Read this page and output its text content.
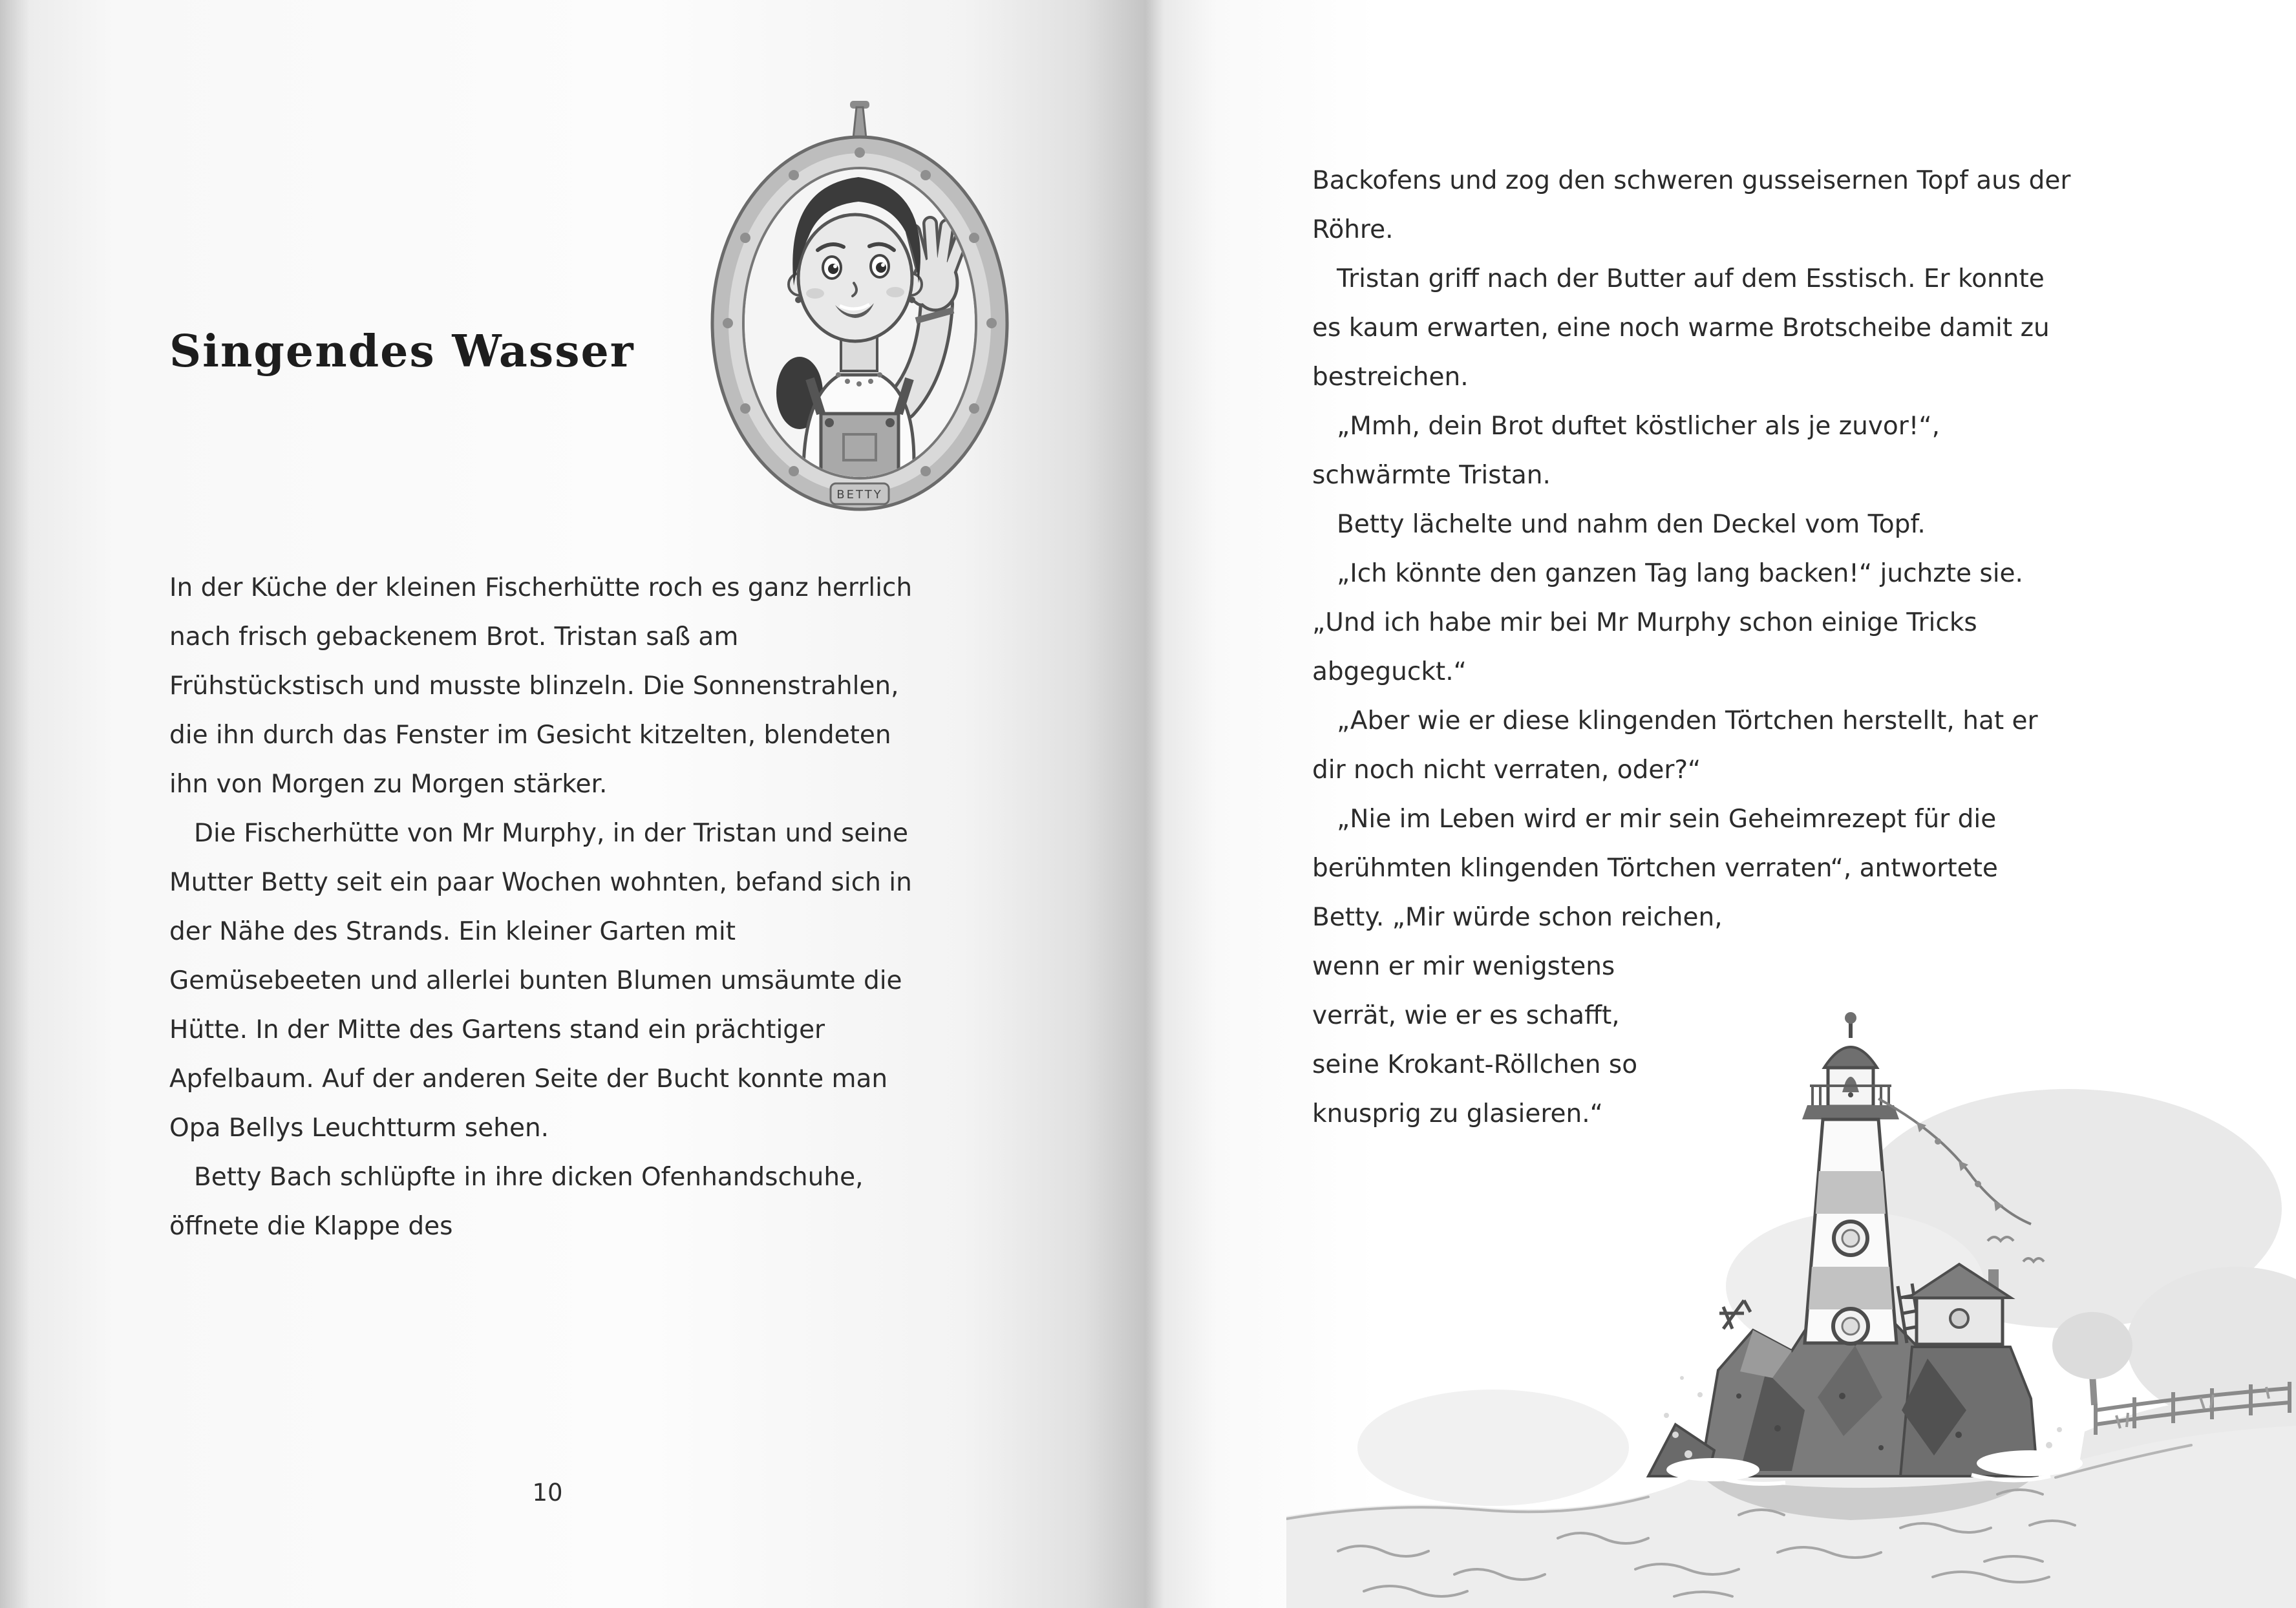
Singendes Wasser
BETTY

In der Küche der kleinen Fischerhütte roch es ganz herrlich nach frisch gebackenem Brot. Tristan saß am Frühstückstisch und musste blinzeln. Die Sonnenstrahlen, die ihn durch das Fenster im Gesicht kitzelten, blendeten ihn von Morgen zu Morgen stärker.

Die Fischerhütte von Mr Murphy, in der Tristan und seine Mutter Betty seit ein paar Wochen wohnten, befand sich in der Nähe des Strands. Ein kleiner Garten mit Gemüsebeeten und allerlei bunten Blumen umsäumte die Hütte. In der Mitte des Gartens stand ein prächtiger Apfelbaum. Auf der anderen Seite der Bucht konnte man Opa Bellys Leuchtturm sehen.

Betty Bach schlüpfte in ihre dicken Ofenhandschuhe, öffnete die Klappe des

10

Backofens und zog den schweren gusseisernen Topf aus der Röhre.

Tristan griff nach der Butter auf dem Esstisch. Er konnte es kaum erwarten, eine noch warme Brotscheibe damit zu bestreichen.

„Mmh, dein Brot duftet köstlicher als je zuvor!“, schwärmte Tristan.

Betty lächelte und nahm den Deckel vom Topf.

„Ich könnte den ganzen Tag lang backen!“ juchzte sie. „Und ich habe mir bei Mr Murphy schon einige Tricks abgeguckt.“

„Aber wie er diese klingenden Törtchen herstellt, hat er dir noch nicht verraten, oder?“

„Nie im Leben wird er mir sein Geheimrezept für die berühmten klingenden Törtchen verraten“, antwortete Betty. „Mir würde schon reichen,

wenn er mir wenigstens verrät, wie er es schafft, seine Krokant-Röllchen so knusprig zu glasieren.“
